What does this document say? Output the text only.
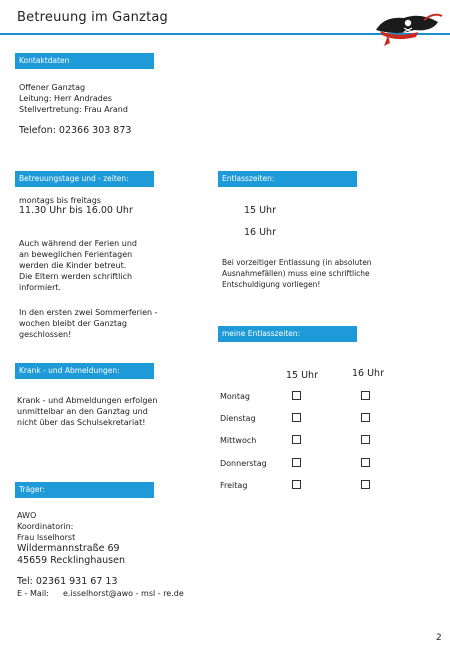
Betreuung im Ganztag
Kontaktdaten
Offener Ganztag
Leitung: Herr Andrades
Stellvertretung: Frau Arand
Telefon: 02366 303 873
Betreuungstage und - zeiten:
montags bis freitags
11.30 Uhr bis 16.00 Uhr
Auch während der Ferien und
an beweglichen Ferientagen
werden die Kinder betreut.
Die Eltern werden schriftlich
informiert.
In den ersten zwei Sommerferien -
wochen bleibt der Ganztag
geschlossen!
Entlasszeiten:
15 Uhr
16 Uhr
Bei vorzeitiger Entlassung (in absoluten
Ausnahmefällen) muss eine schriftliche
Entschuldigung vorliegen!
Krank - und Abmeldungen:
Krank - und Abmeldungen erfolgen
unmittelbar an den Ganztag und
nicht über das Schulsekretariat!
meine Entlasszeiten:
15 Uhr	16 Uhr
Montag
Dienstag
Mittwoch
Donnerstag
Freitag
Träger:
AWO
Koordinatorin:
Frau Isselhorst
Wildermannstraße 69
45659 Recklinghausen
Tel: 02361 931 67 13
E - Mail: e.isselhorst@awo - msl - re.de
2
